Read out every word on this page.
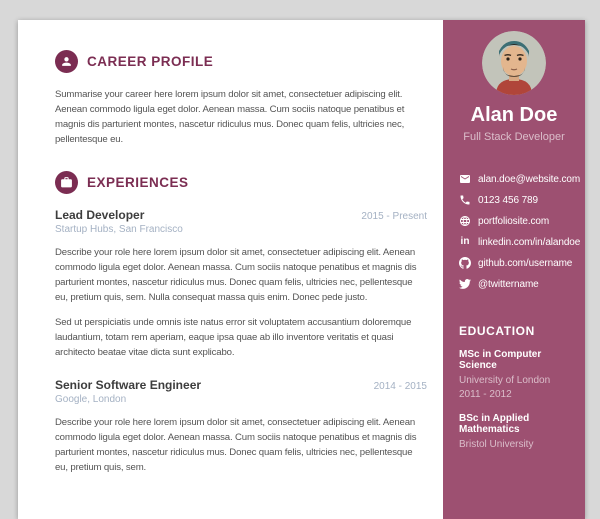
CAREER PROFILE

Summarise your career here lorem ipsum dolor sit amet, consectetuer adipiscing elit. Aenean commodo ligula eget dolor. Aenean massa. Cum sociis natoque penatibus et magnis dis parturient montes, nascetur ridiculus mus. Donec quam felis, ultricies nec, pellentesque eu.

EXPERIENCES
Lead Developer	2015 - Present
Startup Hubs, San Francisco

Describe your role here lorem ipsum dolor sit amet, consectetuer adipiscing elit. Aenean commodo ligula eget dolor. Aenean massa. Cum sociis natoque penatibus et magnis dis parturient montes, nascetur ridiculus mus. Donec quam felis, ultricies nec, pellentesque eu, pretium quis, sem. Nulla consequat massa quis enim. Donec pede justo.

Sed ut perspiciatis unde omnis iste natus error sit voluptatem accusantium doloremque laudantium, totam rem aperiam, eaque ipsa quae ab illo inventore veritatis et quasi architecto beatae vitae dicta sunt explicabo.

Senior Software Engineer	2014 - 2015
Google, London

Describe your role here lorem ipsum dolor sit amet, consectetuer adipiscing elit. Aenean commodo ligula eget dolor. Aenean massa. Cum sociis natoque penatibus et magnis dis parturient montes, nascetur ridiculus mus. Donec quam felis, ultricies nec, pellentesque eu, pretium quis, sem.

Alan Doe
Full Stack Developer
alan.doe@website.com
0123 456 789
portfoliosite.com
in linkedin.com/in/alandoe
github.com/username
@twittername
EDUCATION
MSc in Computer Science
University of London
2011 - 2012
BSc in Applied Mathematics
Bristol University
